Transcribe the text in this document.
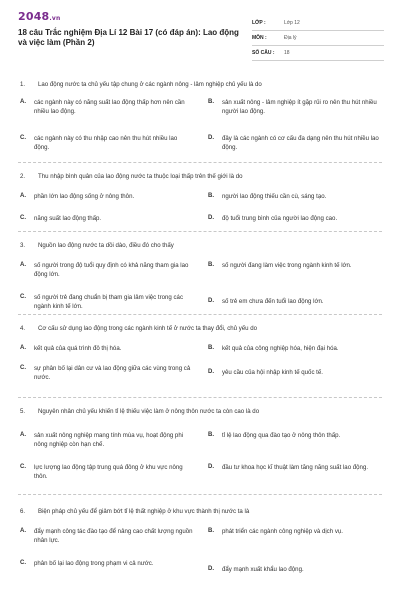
2048.vn
18 câu Trắc nghiệm Địa Lí 12 Bài 17 (có đáp án): Lao động và việc làm (Phần 2)
LỚP :	Lớp 12
MÔN :	Địa lý
SỐ CÂU :	18
1. Lao động nước ta chủ yếu tập chung ở các ngành nông - lâm nghiệp chủ yếu là do
A. các ngành này có năng suất lao động thấp hơn nên cần nhiều lao động.
B. sản xuất nông - lâm nghiệp ít gặp rủi ro nên thu hút nhiều người lao động.
C. các ngành này có thu nhập cao nên thu hút nhiều lao động.
D. đây là các ngành có cơ cấu đa dạng nên thu hút nhiều lao động.
2. Thu nhập bình quân của lao động nước ta thuộc loại thấp trên thế giới là do
A. phần lớn lao động sống ở nông thôn.	B. người lao động thiếu cần cù, sáng tạo.
C. năng suất lao động thấp.	D. độ tuổi trung bình của người lao động cao.
3. Nguồn lao động nước ta dồi dào, điều đó cho thấy
A. số người trong độ tuổi quy định có khả năng tham gia lao động lớn.
B. số người đang làm việc trong ngành kinh tế lớn.
C. số người trẻ đang chuẩn bị tham gia lâm việc trong các ngành kinh tế lớn.
D. số trẻ em chưa đến tuổi lao động lớn.
4. Cơ cấu sử dụng lao động trong các ngành kinh tế ở nước ta thay đổi, chủ yếu do
A. kết quả của quá trình đô thị hóa.	B. kết quả của công nghiệp hóa, hiện đại hóa.
C. sự phân bố lại dân cư và lao động giữa các vùng trong cả nước.
D. yêu cầu của hội nhập kinh tế quốc tế.
5. Nguyên nhân chủ yếu khiến tỉ lệ thiếu việc làm ở nông thôn nước ta còn cao là do
A. sản xuất nông nghiệp mang tính mùa vụ, hoạt động phi nông nghiệp còn hạn chế.
B. tỉ lệ lao động qua đào tạo ở nông thôn thấp.
C. lực lượng lao động tập trung quá đông ở khu vực nông thôn.
D. đầu tư khoa học kĩ thuật làm tăng năng suất lao động.
6. Biện pháp chủ yếu để giảm bớt tỉ lệ thất nghiệp ở khu vực thành thị nước ta là
A. đẩy mạnh công tác đào tạo để nâng cao chất lượng nguồn nhân lực.
B. phát triển các ngành công nghiệp và dịch vụ.
C. phân bố lại lao động trong phạm vi cả nước.
D. đẩy mạnh xuất khẩu lao động.
